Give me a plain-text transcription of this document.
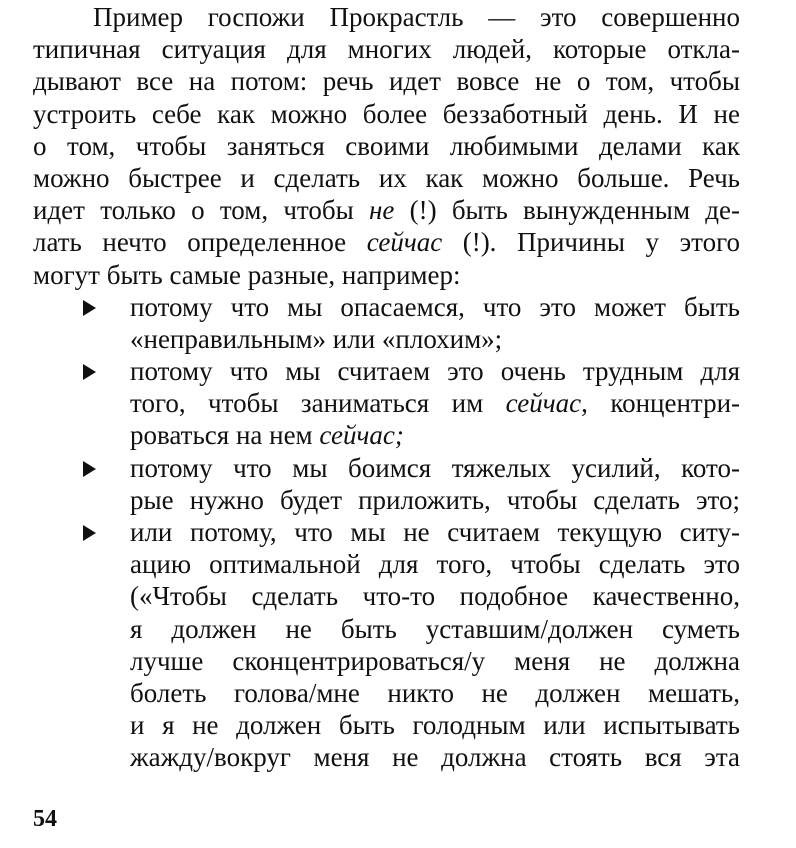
Пример госпожи Прокрастль — это совершенно
типичная ситуация для многих людей, которые откла-
дывают все на потом: речь идет вовсе не о том, чтобы
устроить себе как можно более беззаботный день. И не
о том, чтобы заняться своими любимыми делами как
можно быстрее и сделать их как можно больше. Речь
идет только о том, чтобы не (!) быть вынужденным де-
лать нечто определенное сейчас (!). Причины у этого
могут быть самые разные, например:
потому что мы опасаемся, что это может быть
«неправильным» или «плохим»;
потому что мы считаем это очень трудным для
того, чтобы заниматься им сейчас, концентри-
роваться на нем сейчас;
потому что мы боимся тяжелых усилий, кото-
рые нужно будет приложить, чтобы сделать это;
или потому, что мы не считаем текущую ситу-
ацию оптимальной для того, чтобы сделать это
(«Чтобы сделать что-то подобное качественно,
я должен не быть уставшим/должен суметь
лучше сконцентрироваться/у меня не должна
болеть голова/мне никто не должен мешать,
и я не должен быть голодным или испытывать
жажду/вокруг меня не должна стоять вся эта
54
